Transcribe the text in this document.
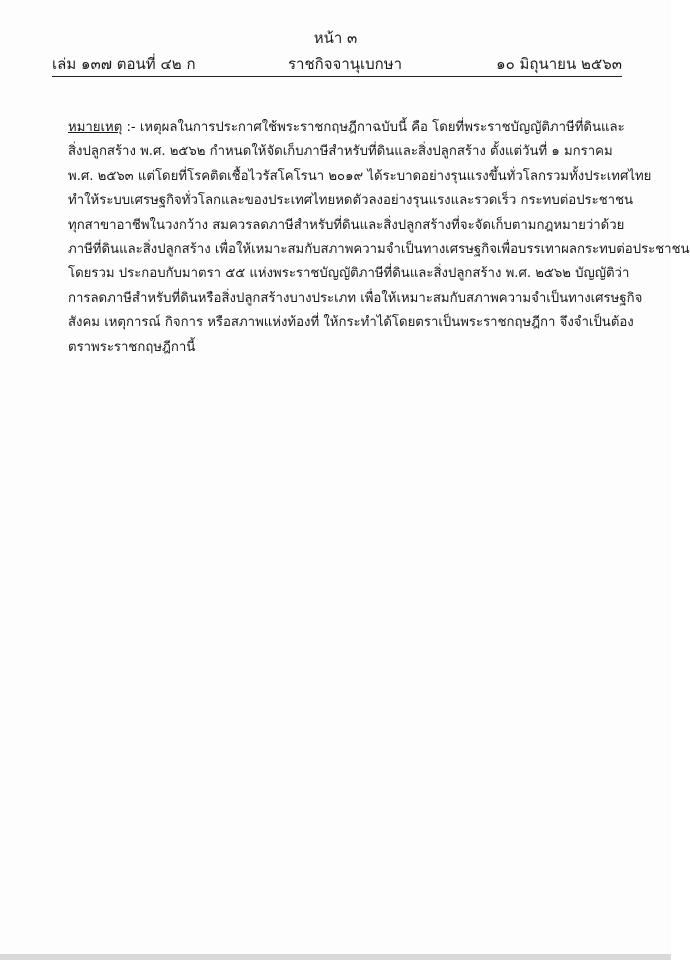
หน้า ๓
เล่ม ๑๓๗ ตอนที่ ๔๒ ก	ราชกิจจานุเบกษา	๑๐ มิถุนายน ๒๕๖๓
หมายเหตุ :- เหตุผลในการประกาศใช้พระราชกฤษฎีกาฉบับนี้ คือ โดยที่พระราชบัญญัติภาษีที่ดินและ
สิ่งปลูกสร้าง พ.ศ. ๒๕๖๒ กำหนดให้จัดเก็บภาษีสำหรับที่ดินและสิ่งปลูกสร้าง ตั้งแต่วันที่ ๑ มกราคม
พ.ศ. ๒๕๖๓ แต่โดยที่โรคติดเชื้อไวรัสโคโรนา ๒๐๑๙ ได้ระบาดอย่างรุนแรงขึ้นทั่วโลกรวมทั้งประเทศไทย
ทำให้ระบบเศรษฐกิจทั่วโลกและของประเทศไทยหดตัวลงอย่างรุนแรงและรวดเร็ว กระทบต่อประชาชน
ทุกสาขาอาชีพในวงกว้าง สมควรลดภาษีสำหรับที่ดินและสิ่งปลูกสร้างที่จะจัดเก็บตามกฎหมายว่าด้วย
ภาษีที่ดินและสิ่งปลูกสร้าง เพื่อให้เหมาะสมกับสภาพความจำเป็นทางเศรษฐกิจเพื่อบรรเทาผลกระทบต่อประชาชน
โดยรวม ประกอบกับมาตรา ๕๕ แห่งพระราชบัญญัติภาษีที่ดินและสิ่งปลูกสร้าง พ.ศ. ๒๕๖๒ บัญญัติว่า
การลดภาษีสำหรับที่ดินหรือสิ่งปลูกสร้างบางประเภท เพื่อให้เหมาะสมกับสภาพความจำเป็นทางเศรษฐกิจ
สังคม เหตุการณ์ กิจการ หรือสภาพแห่งท้องที่ ให้กระทำได้โดยตราเป็นพระราชกฤษฎีกา จึงจำเป็นต้อง
ตราพระราชกฤษฎีกานี้
